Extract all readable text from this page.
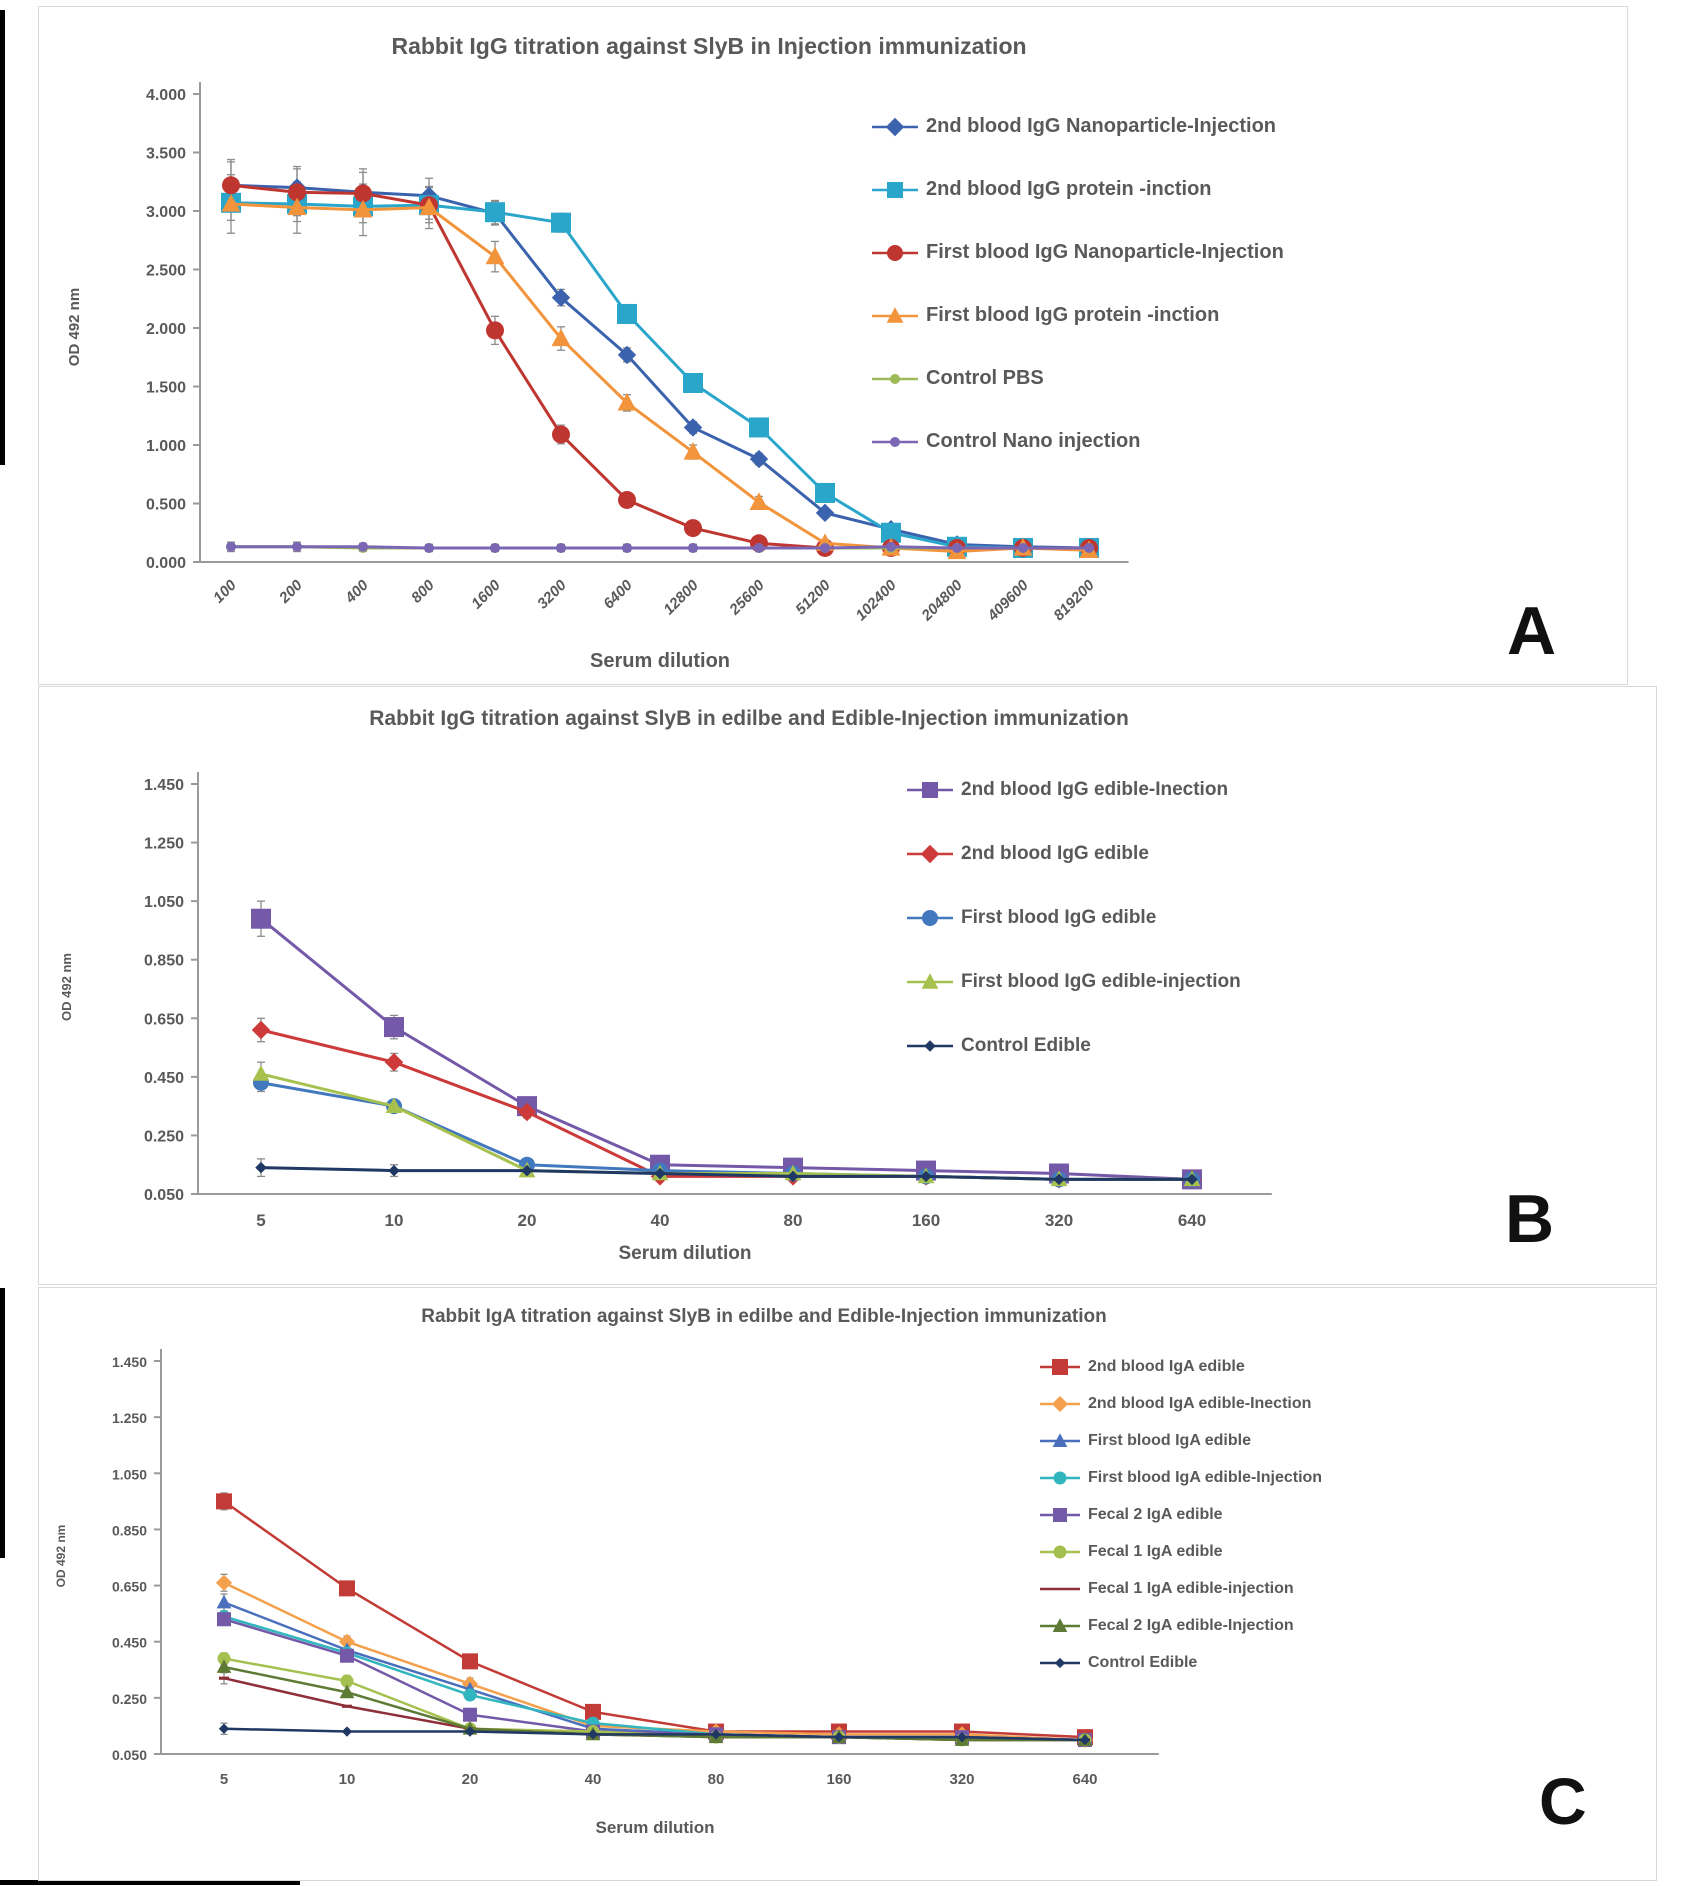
Rabbit IgG titration against SlyB in Injection immunization
4.000
3.500
3.000
2.500
2.000
1.500
1.000
0.500
0.000
100 200 400 800 1600 3200 6400 12800 25600 51200 102400 204800 409600 819200
Serum dilution
OD 492 nm
2nd blood IgG Nanoparticle-Injection
2nd blood IgG protein -inction
First blood IgG Nanoparticle-Injection
First blood IgG protein -inction
Control PBS
Control Nano injection
A
Rabbit IgG titration against SlyB in edilbe and Edible-Injection immunization
1.450
1.250
1.050
0.850
0.650
0.450
0.250
0.050
5	10	20	40	80	160	320	640
Serum dilution
OD 492 nm
2nd blood IgG edible-Inection
2nd blood IgG edible
First blood IgG edible
First blood IgG edible-injection
Control Edible
B
Rabbit IgA titration against SlyB in edilbe and Edible-Injection immunization
1.450
1.250
1.050
0.850
0.650
0.450
0.250
0.050
5	10	20	40	80	160	320	640
Serum dilution
OD 492 nm
2nd blood IgA edible
2nd blood IgA edible-Inection
First blood IgA edible
First blood IgA edible-Injection
Fecal 2 IgA edible
Fecal 1 IgA edible
Fecal 1 IgA edible-injection
Fecal 2 IgA edible-Injection
Control Edible
C
